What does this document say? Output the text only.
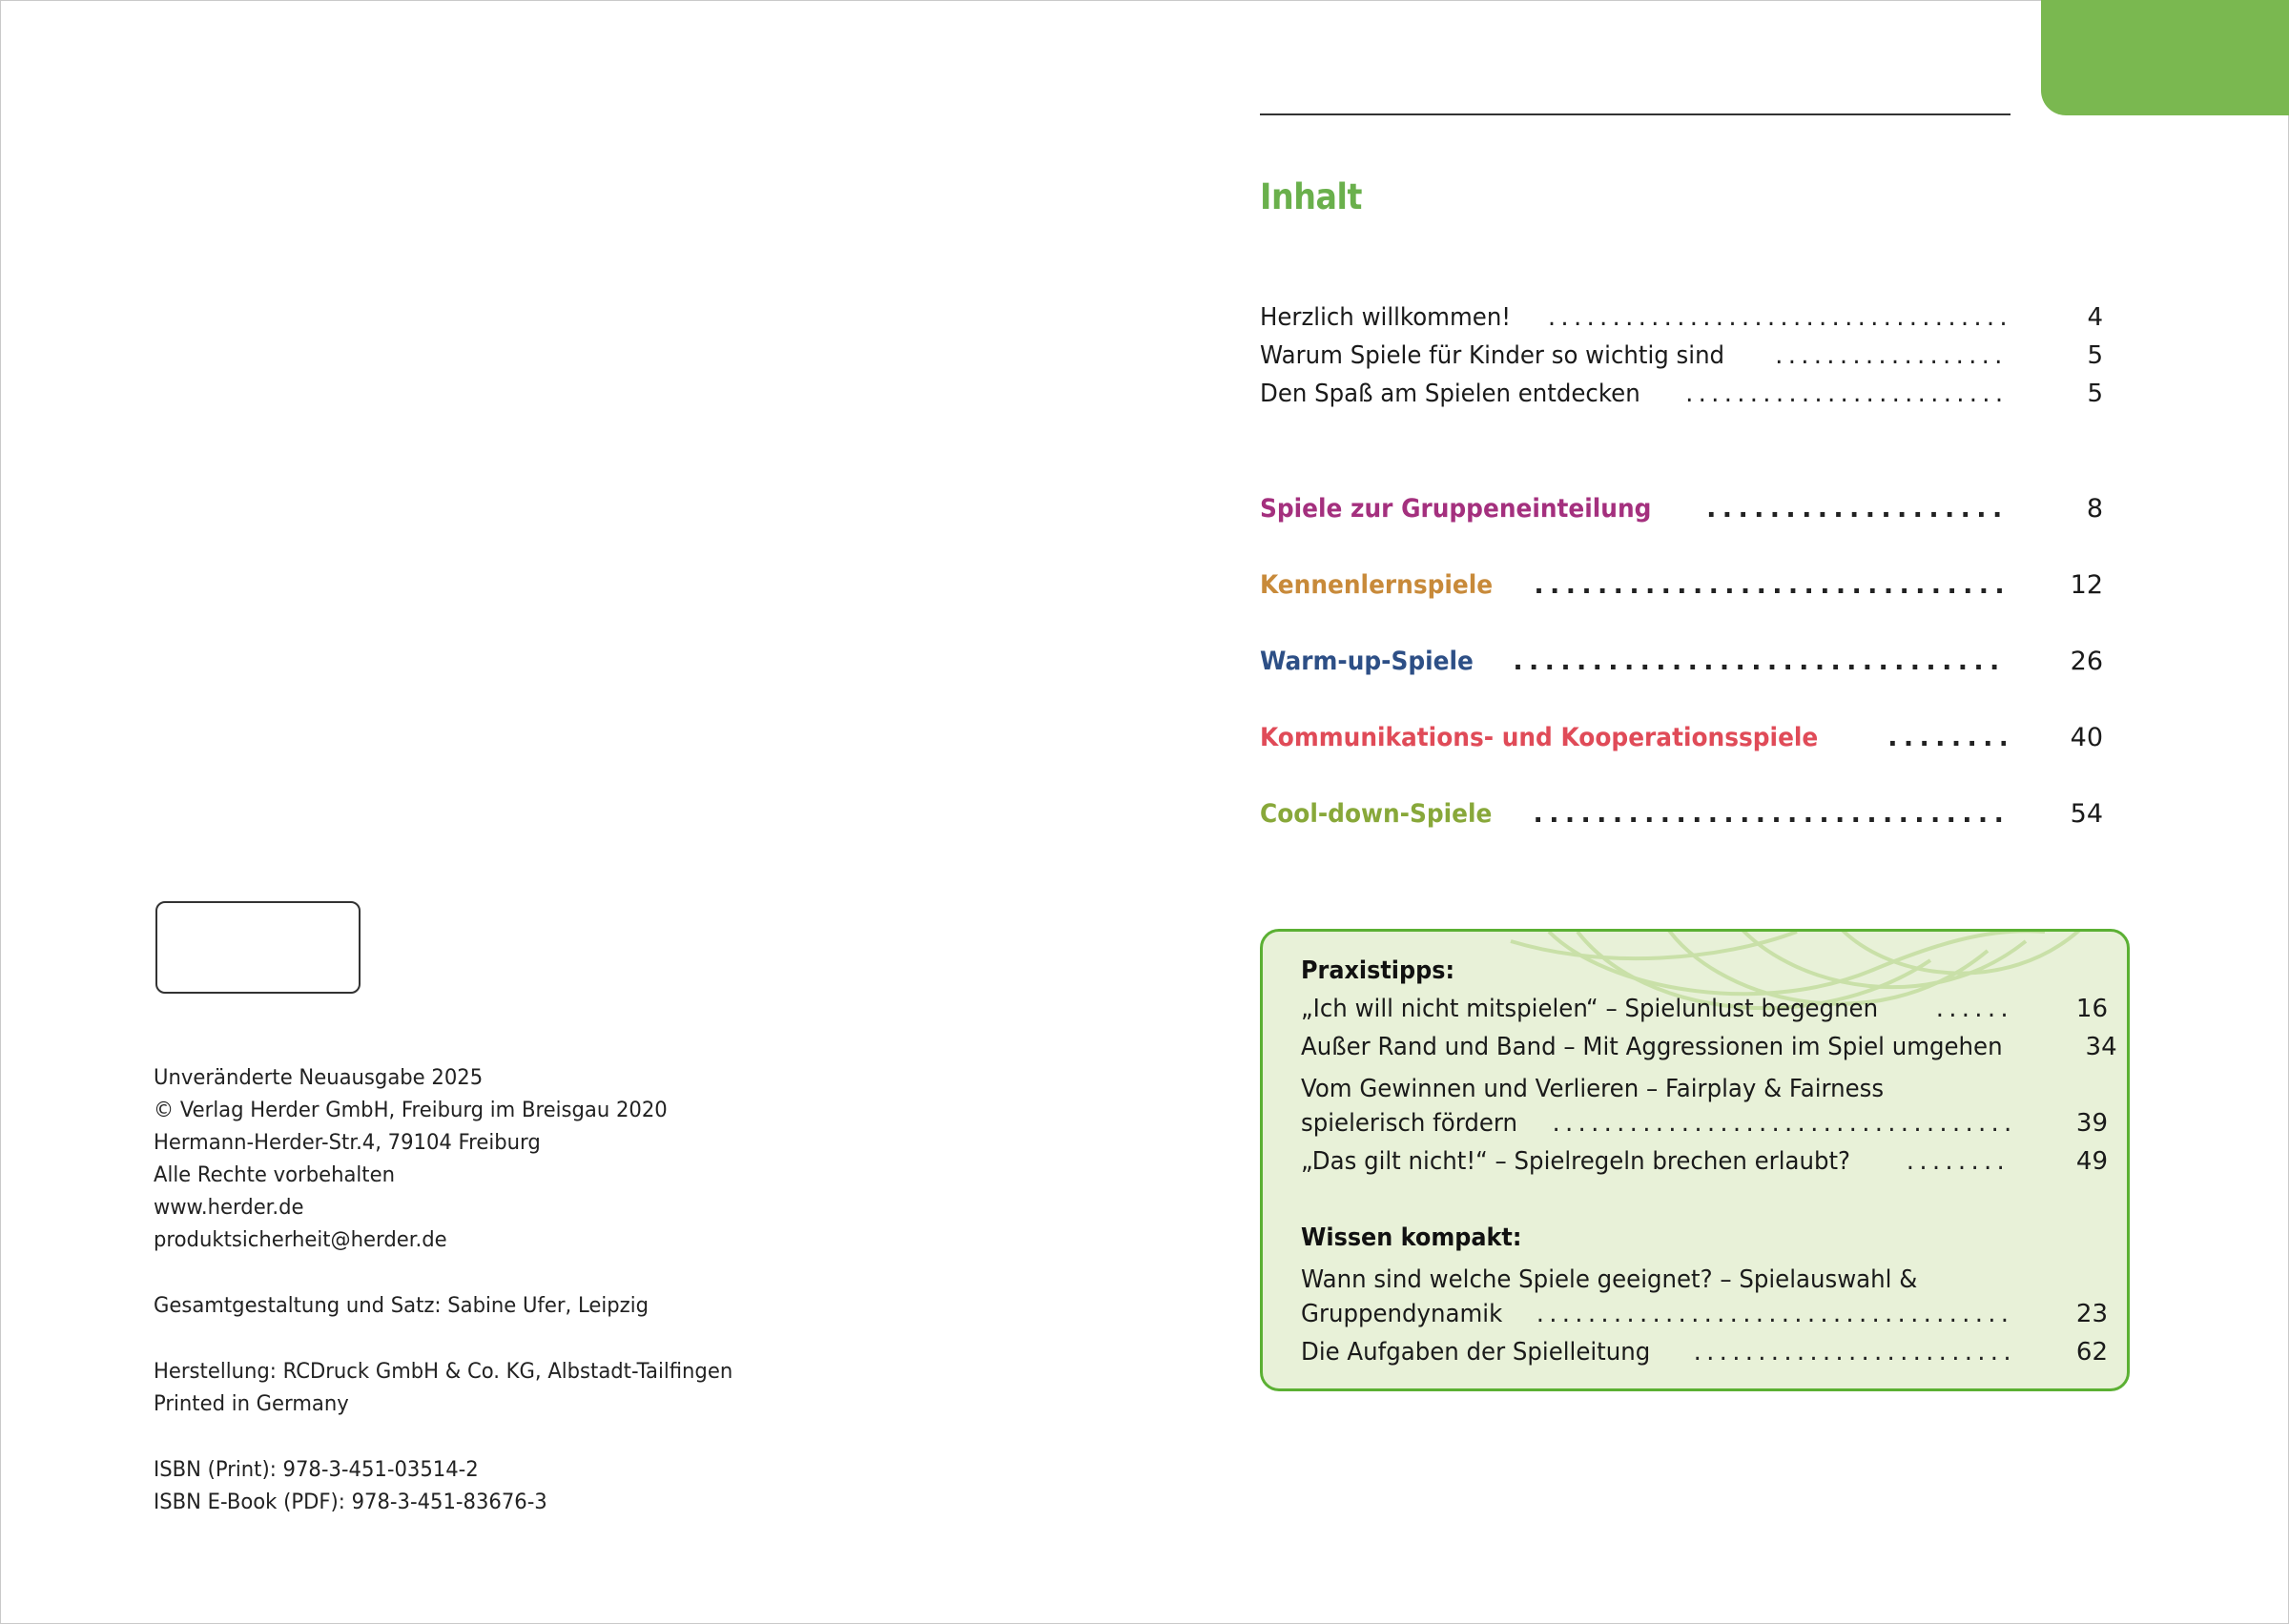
Inhalt
Herzlich willkommen! . . .	4
Warum Spiele für Kinder so wichtig sind . . .	5
Den Spaß am Spielen entdecken . . .	5
Spiele zur Gruppeneinteilung . . .	8
Kennenlernspiele . . .	12
Warm-up-Spiele . . .	26
Kommunikations- und Kooperationsspiele . . .	40
Cool-down-Spiele . . .	54
Praxistipps:
„Ich will nicht mitspielen“ – Spielunlust begegnen . . .	16
Außer Rand und Band – Mit Aggressionen im Spiel umgehen	34
Vom Gewinnen und Verlieren – Fairplay & Fairness
spielerisch fördern . . .	39
„Das gilt nicht!“ – Spielregeln brechen erlaubt? . . .	49
Wissen kompakt:
Wann sind welche Spiele geeignet? – Spielauswahl &
Gruppendynamik . . .	23
Die Aufgaben der Spielleitung . . .	62
Unveränderte Neuausgabe 2025
© Verlag Herder GmbH, Freiburg im Breisgau 2020
Hermann-Herder-Str.4, 79104 Freiburg
Alle Rechte vorbehalten
www.herder.de
produktsicherheit@herder.de
Gesamtgestaltung und Satz: Sabine Ufer, Leipzig
Herstellung: RCDruck GmbH & Co. KG, Albstadt-Tailfingen
Printed in Germany
ISBN (Print): 978-3-451-03514-2
ISBN E-Book (PDF): 978-3-451-83676-3
